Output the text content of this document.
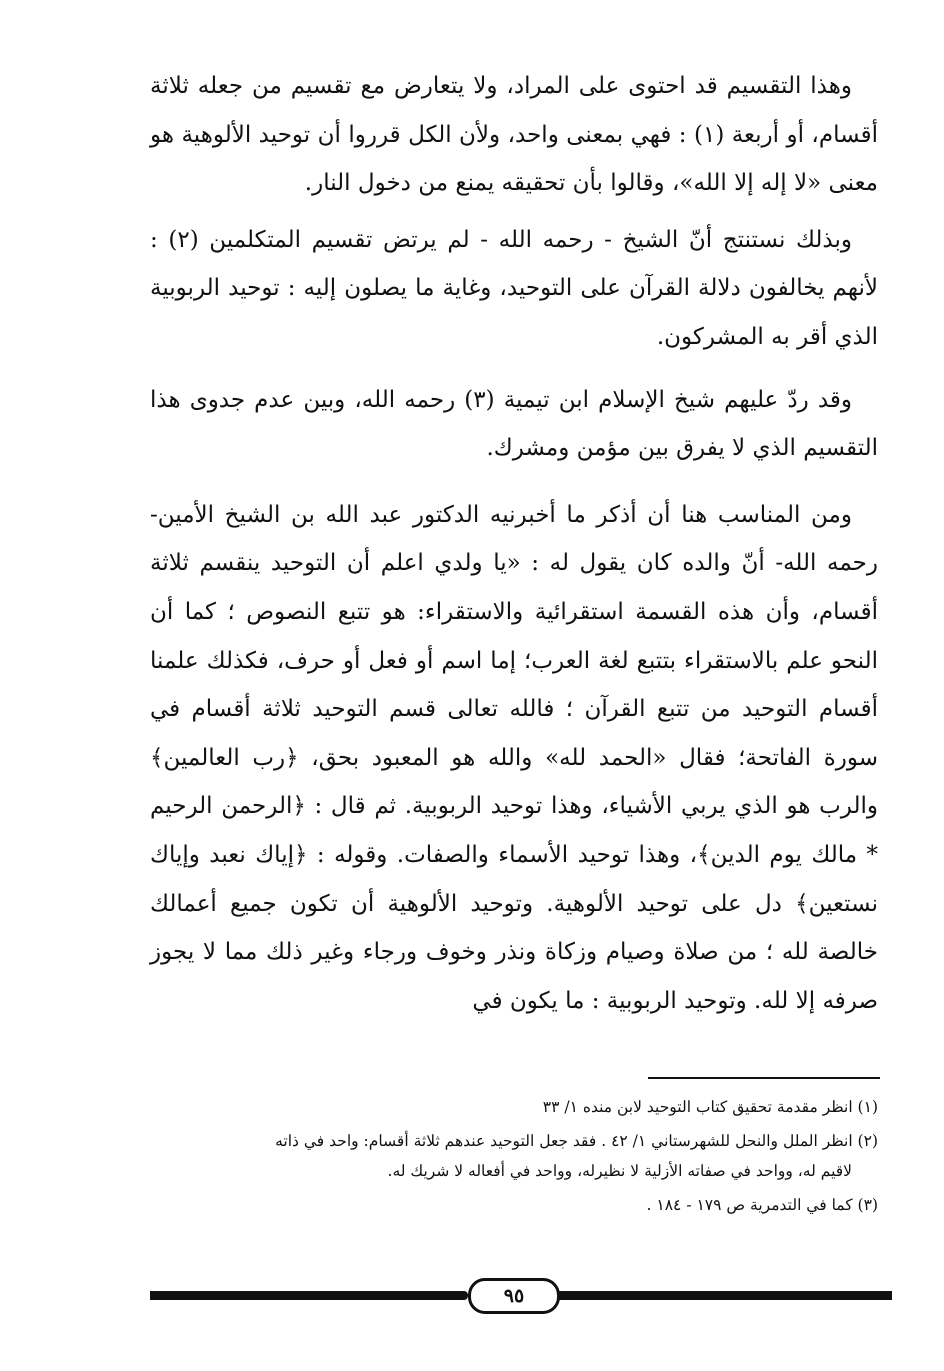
وهذا التقسيم قد احتوى على المراد، ولا يتعارض مع تقسيم من جعله ثلاثة أقسام، أو أربعة (١) : فهي بمعنى واحد، ولأن الكل قرروا أن توحيد الألوهية هو معنى «لا إله إلا الله»، وقالوا بأن تحقيقه يمنع من دخول النار.

وبذلك نستنتج أنّ الشيخ - رحمه الله - لم يرتض تقسيم المتكلمين (٢) : لأنهم يخالفون دلالة القرآن على التوحيد، وغاية ما يصلون إليه : توحيد الربوبية الذي أقر به المشركون.

وقد ردّ عليهم شيخ الإسلام ابن تيمية (٣) رحمه الله، وبين عدم جدوى هذا التقسيم الذي لا يفرق بين مؤمن ومشرك.

ومن المناسب هنا أن أذكر ما أخبرنيه الدكتور عبد الله بن الشيخ الأمين- رحمه الله- أنّ والده كان يقول له : «يا ولدي اعلم أن التوحيد ينقسم ثلاثة أقسام، وأن هذه القسمة استقرائية والاستقراء: هو تتبع النصوص ؛ كما أن النحو علم بالاستقراء بتتبع لغة العرب؛ إما اسم أو فعل أو حرف، فكذلك علمنا أقسام التوحيد من تتبع القرآن ؛ فالله تعالى قسم التوحيد ثلاثة أقسام في سورة الفاتحة؛ فقال «الحمد لله» والله هو المعبود بحق، ﴿رب العالمين﴾ والرب هو الذي يربي الأشياء، وهذا توحيد الربوبية. ثم قال : ﴿الرحمن الرحيم * مالك يوم الدين﴾، وهذا توحيد الأسماء والصفات. وقوله : ﴿إياك نعبد وإياك نستعين﴾ دل على توحيد الألوهية. وتوحيد الألوهية أن تكون جميع أعمالك خالصة لله ؛ من صلاة وصيام وزكاة ونذر وخوف ورجاء وغير ذلك مما لا يجوز صرفه إلا لله. وتوحيد الربوبية : ما يكون في

(١) انظر مقدمة تحقيق كتاب التوحيد لابن منده ١/ ٣٣

(٢) انظر الملل والنحل للشهرستاني ١/ ٤٢ . فقد جعل التوحيد عندهم ثلاثة أقسام: واحد في ذاته
لاقيم له، وواحد في صفاته الأزلية لا نظيرله، وواحد في أفعاله لا شريك له.

(٣) كما في التدمرية ص ١٧٩ - ١٨٤ .

٩٥
